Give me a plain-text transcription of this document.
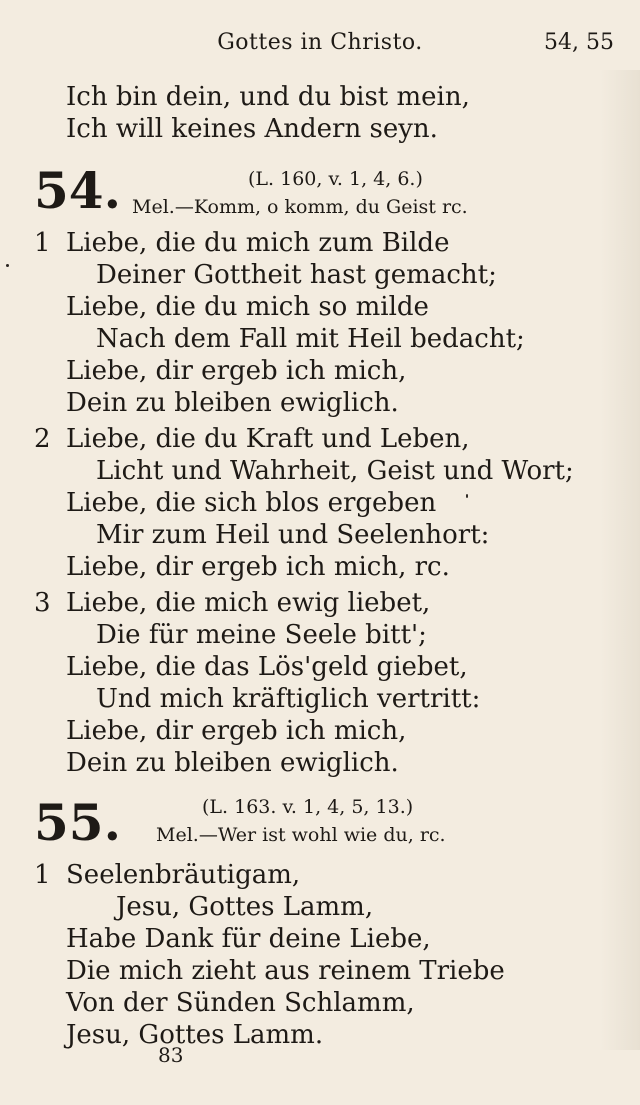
Gottes in Christo.	54, 55
Ich bin dein, und du bist mein,
Ich will keines Andern seyn.
54.	(L. 160, v. 1, 4, 6.)
Mel.—Komm, o komm, du Geist rc.
1 Liebe, die du mich zum Bilde
Deiner Gottheit hast gemacht;
Liebe, die du mich so milde
Nach dem Fall mit Heil bedacht;
Liebe, dir ergeb ich mich,
Dein zu bleiben ewiglich.
2 Liebe, die du Kraft und Leben,
Licht und Wahrheit, Geist und Wort;
Liebe, die sich blos ergeben
Mir zum Heil und Seelenhort:
Liebe, dir ergeb ich mich, rc.
3 Liebe, die mich ewig liebet,
Die für meine Seele bitt';
Liebe, die das Lös'geld giebet,
Und mich kräftiglich vertritt:
Liebe, dir ergeb ich mich,
Dein zu bleiben ewiglich.
55.	(L. 163. v. 1, 4, 5, 13.)
Mel.—Wer ist wohl wie du, rc.
1 Seelenbräutigam,
Jesu, Gottes Lamm,
Habe Dank für deine Liebe,
Die mich zieht aus reinem Triebe
Von der Sünden Schlamm,
Jesu, Gottes Lamm.
83
